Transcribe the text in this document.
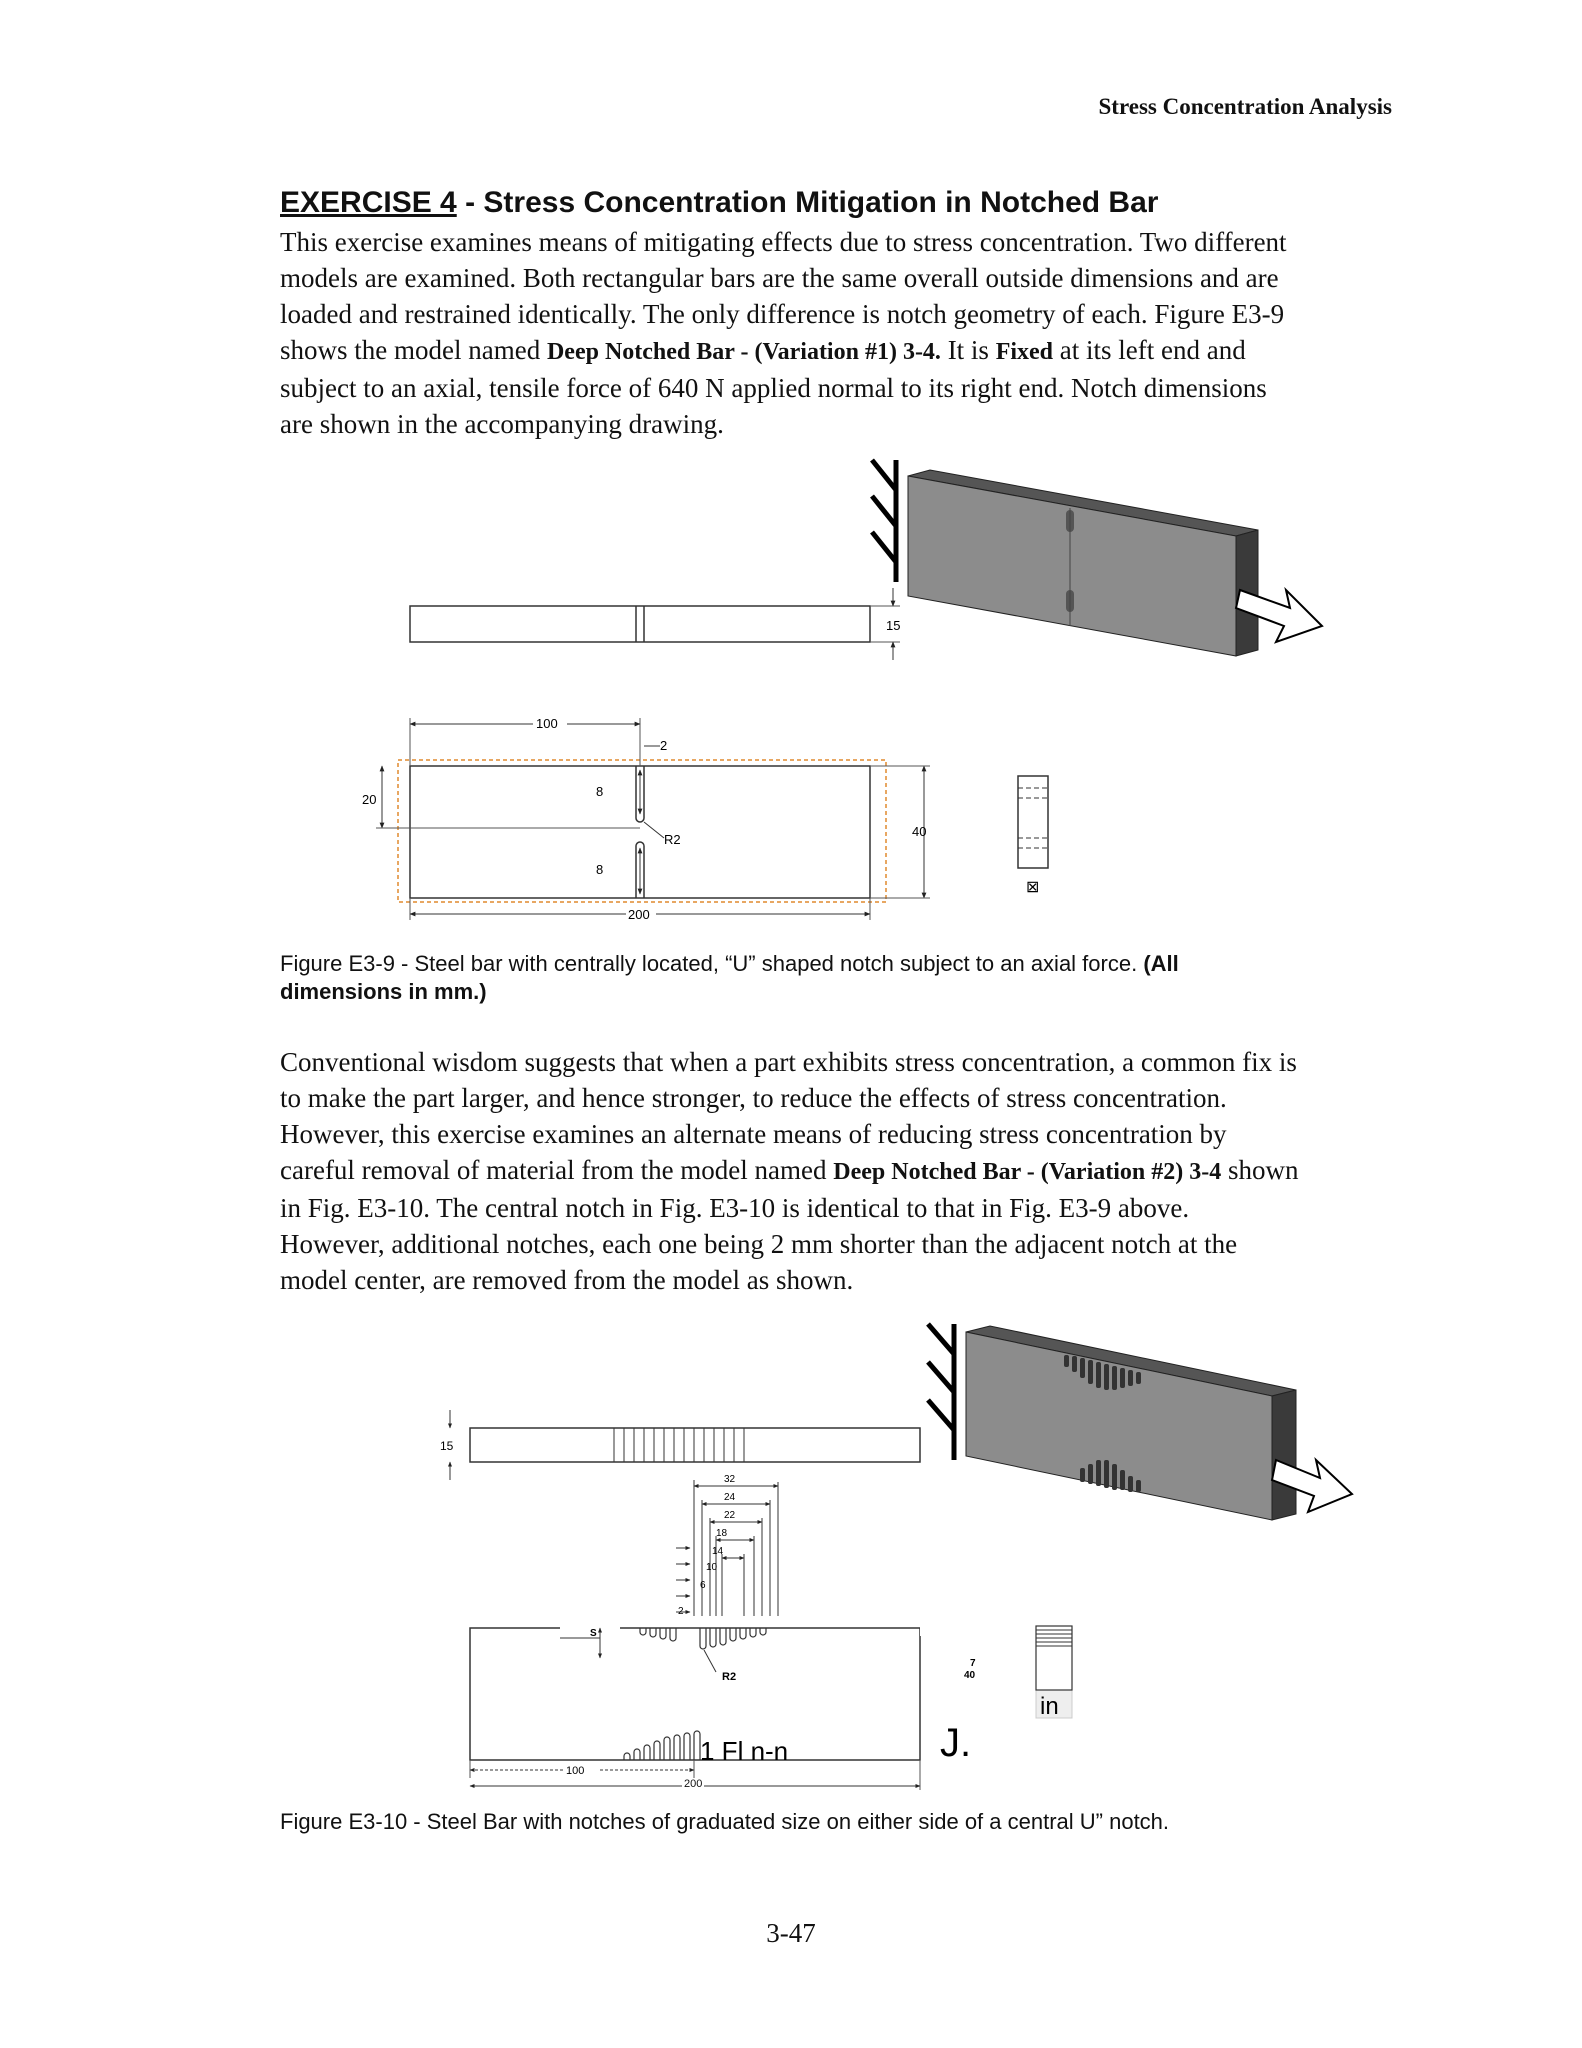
Stress Concentration Analysis
EXERCISE 4 - Stress Concentration Mitigation in Notched Bar
This exercise examines means of mitigating effects due to stress concentration. Two different models are examined. Both rectangular bars are the same overall outside dimensions and are loaded and restrained identically. The only difference is notch geometry of each. Figure E3-9 shows the model named Deep Notched Bar - (Variation #1) 3-4. It is Fixed at its left end and subject to an axial, tensile force of 640 N applied normal to its right end. Notch dimensions are shown in the accompanying drawing.
15
100
2
8
20
R2
40
8
200
⊠
Figure E3-9 - Steel bar with centrally located, “U” shaped notch subject to an axial force. (All dimensions in mm.)
Conventional wisdom suggests that when a part exhibits stress concentration, a common fix is to make the part larger, and hence stronger, to reduce the effects of stress concentration. However, this exercise examines an alternate means of reducing stress concentration by careful removal of material from the model named Deep Notched Bar - (Variation #2) 3-4 shown in Fig. E3-10. The central notch in Fig. E3-10 is identical to that in Fig. E3-9 above. However, additional notches, each one being 2 mm shorter than the adjacent notch at the model center, are removed from the model as shown.
15
32
24
22
18
14
10
6
2
S
R2
7
40
1 Fl n-n	J.
in
100
200
Figure E3-10 - Steel Bar with notches of graduated size on either side of a central U” notch.
3-47
